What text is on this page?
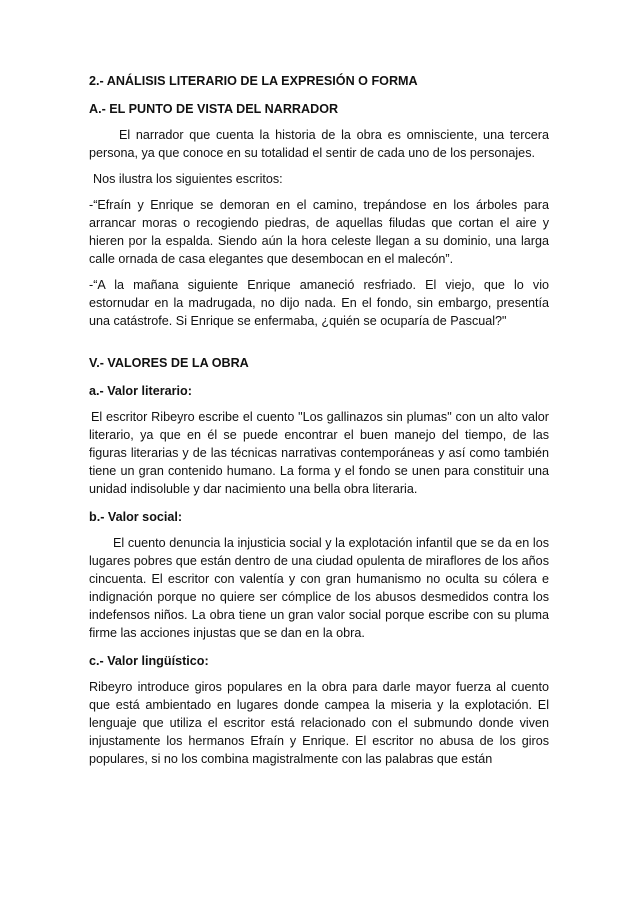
2.- ANÁLISIS LITERARIO DE LA EXPRESIÓN O FORMA
A.- EL PUNTO DE VISTA DEL NARRADOR

El narrador que cuenta la historia de la obra es omnisciente, una tercera persona, ya que conoce en su totalidad el sentir de cada uno de los personajes.

Nos ilustra los siguientes escritos:

-“Efraín y Enrique se demoran en el camino, trepándose en los árboles para arrancar moras o recogiendo piedras, de aquellas filudas que cortan el aire y hieren por la espalda. Siendo aún la hora celeste llegan a su dominio, una larga calle ornada de casa elegantes que desembocan en el malecón”.

-“A la mañana siguiente Enrique amaneció resfriado. El viejo, que lo vio estornudar en la madrugada, no dijo nada. En el fondo, sin embargo, presentía una catástrofe. Si Enrique se enfermaba, ¿quién se ocuparía de Pascual?"

V.- VALORES DE LA OBRA
a.- Valor literario:

El escritor Ribeyro escribe el cuento "Los gallinazos sin plumas" con un alto valor literario, ya que en él se puede encontrar el buen manejo del tiempo, de las figuras literarias y de las técnicas narrativas contemporáneas y así como también tiene un gran contenido humano. La forma y el fondo se unen para constituir una unidad indisoluble y dar nacimiento una bella obra literaria.

b.- Valor social:

El cuento denuncia la injusticia social y la explotación infantil que se da en los lugares pobres que están dentro de una ciudad opulenta de miraflores de los años cincuenta. El escritor con valentía y con gran humanismo no oculta su cólera e indignación porque no quiere ser cómplice de los abusos desmedidos contra los indefensos niños. La obra tiene un gran valor social porque escribe con su pluma firme las acciones injustas que se dan en la obra.

c.- Valor lingüístico:

Ribeyro introduce giros populares en la obra para darle mayor fuerza al cuento que está ambientado en lugares donde campea la miseria y la explotación. El lenguaje que utiliza el escritor está relacionado con el submundo donde viven injustamente los hermanos Efraín y Enrique. El escritor no abusa de los giros populares, si no los combina magistralmente con las palabras que están
